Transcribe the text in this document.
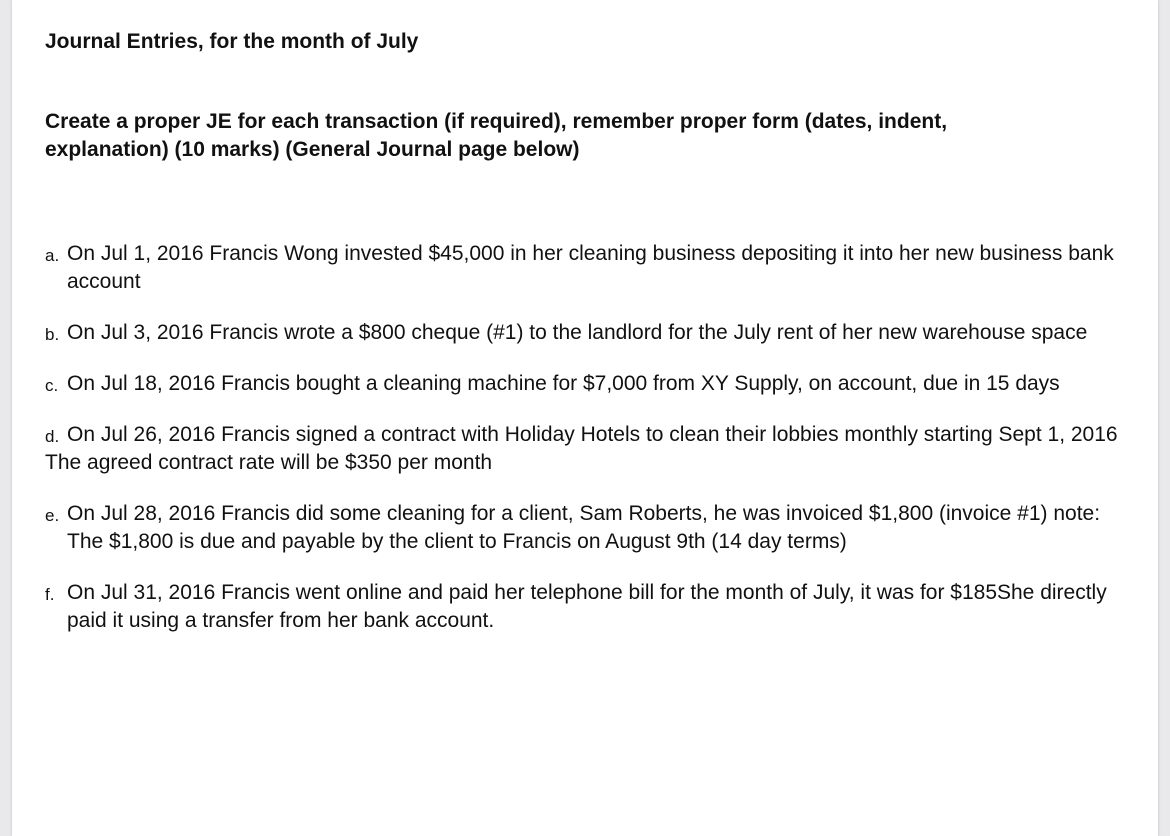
Journal Entries, for the month of July

Create a proper JE for each transaction (if required), remember proper form (dates, indent, explanation) (10 marks) (General Journal page below)

a. On Jul 1, 2016 Francis Wong invested $45,000 in her cleaning business depositing it into her new business bank account
b. On Jul 3, 2016 Francis wrote a $800 cheque (#1) to the landlord for the July rent of her new warehouse space
c. On Jul 18, 2016 Francis bought a cleaning machine for $7,000 from XY Supply, on account, due in 15 days
d. On Jul 26, 2016 Francis signed a contract with Holiday Hotels to clean their lobbies monthly starting Sept 1, 2016
The agreed contract rate will be $350 per month
e. On Jul 28, 2016 Francis did some cleaning for a client, Sam Roberts, he was invoiced $1,800 (invoice #1) note: The $1,800 is due and payable by the client to Francis on August 9th (14 day terms)
f. On Jul 31, 2016 Francis went online and paid her telephone bill for the month of July, it was for $185She directly paid it using a transfer from her bank account.
